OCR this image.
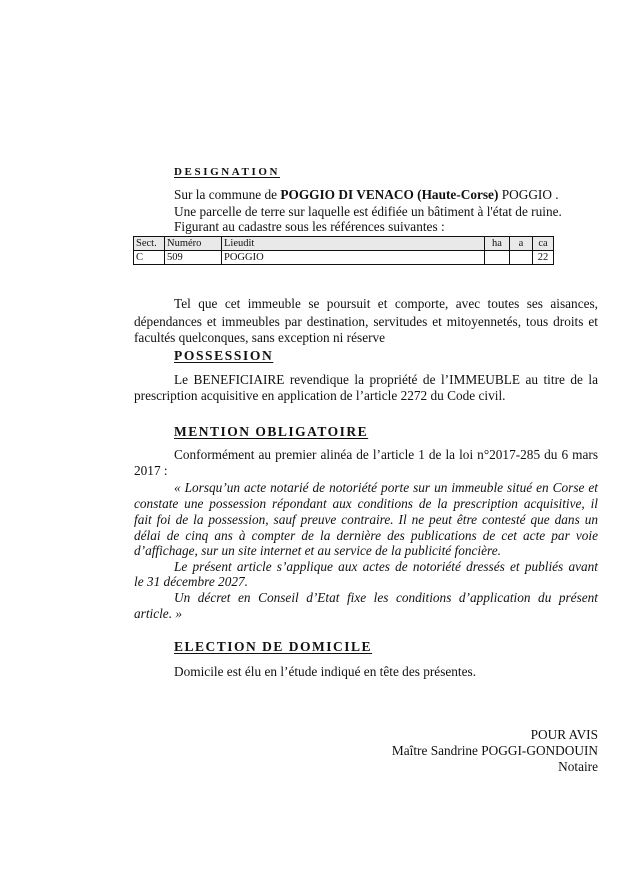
DESIGNATION
Sur la commune de POGGIO DI VENACO (Haute-Corse) POGGIO .
Une parcelle de terre sur laquelle est édifiée un bâtiment à l'état de ruine.
Figurant au cadastre sous les références suivantes :
Sect.	Numéro	Lieudit	ha	a	ca
C	509	POGGIO			22
Tel que cet immeuble se poursuit et comporte, avec toutes ses aisances,
dépendances et immeubles par destination, servitudes et mitoyennetés, tous droits et
facultés quelconques, sans exception ni réserve
POSSESSION
Le BENEFICIAIRE revendique la propriété de l’IMMEUBLE au titre de la
prescription acquisitive en application de l’article 2272 du Code civil.
MENTION OBLIGATOIRE
Conformément au premier alinéa de l’article 1 de la loi n°2017-285 du 6 mars
2017 :
« Lorsqu’un acte notarié de notoriété porte sur un immeuble situé en Corse et
constate une possession répondant aux conditions de la prescription acquisitive, il
fait foi de la possession, sauf preuve contraire. Il ne peut être contesté que dans un
délai de cinq ans à compter de la dernière des publications de cet acte par voie
d’affichage, sur un site internet et au service de la publicité foncière.
Le présent article s’applique aux actes de notoriété dressés et publiés avant
le 31 décembre 2027.
Un décret en Conseil d’Etat fixe les conditions d’application du présent
article. »
ELECTION DE DOMICILE
Domicile est élu en l’étude indiqué en tête des présentes.
POUR AVIS
Maître Sandrine POGGI-GONDOUIN
Notaire
